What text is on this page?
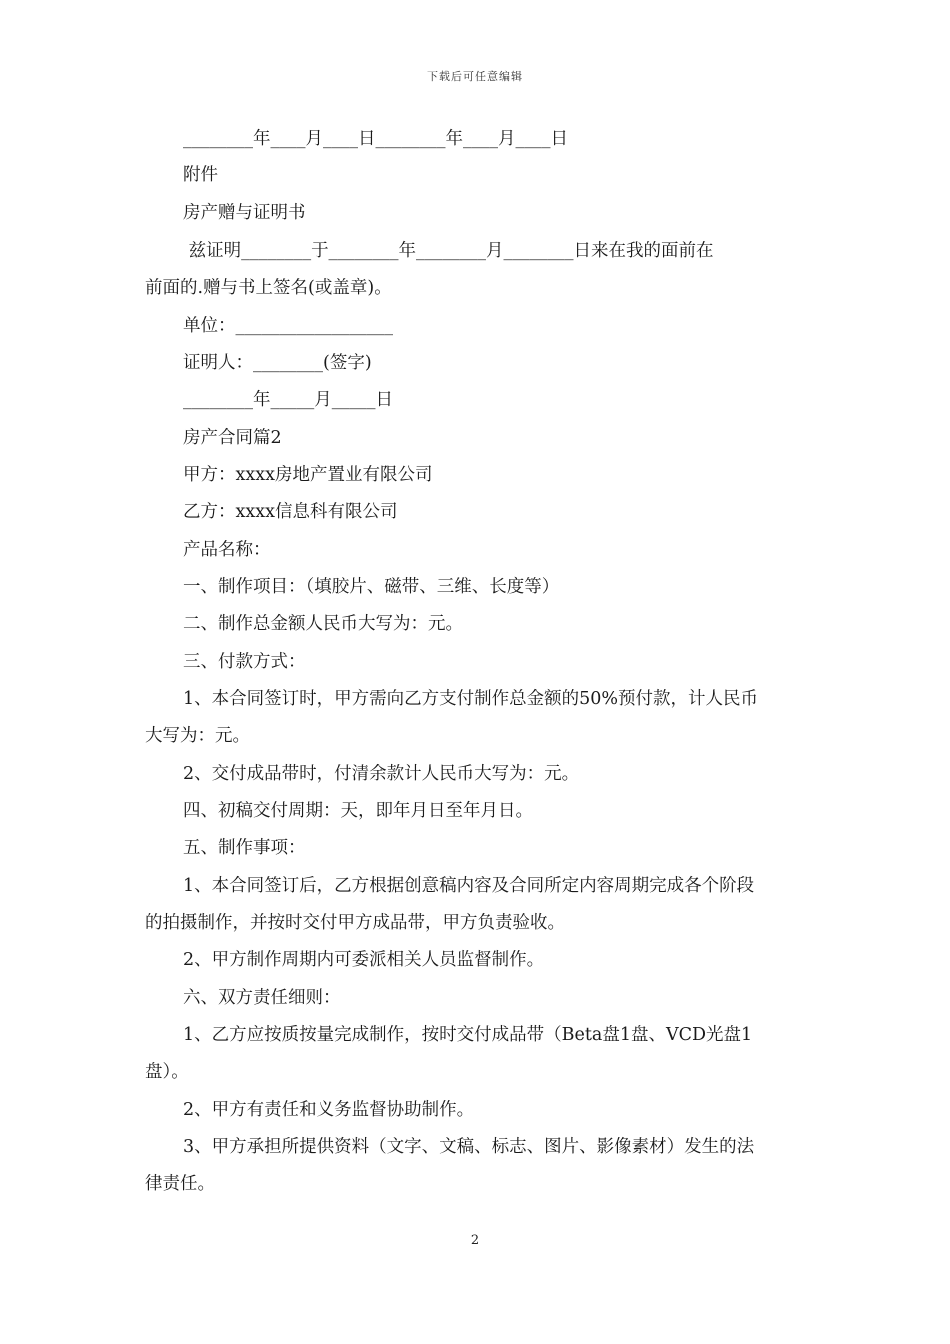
下载后可任意编辑
________年____月____日________年____月____日
附件
房产赠与证明书
兹证明________于________年________月________日来在我的面前在
前面的.赠与书上签名(或盖章)。
单位：__________________
证明人：________(签字)
________年_____月_____日
房产合同篇2
甲方：xxxx房地产置业有限公司
乙方：xxxx信息科有限公司
产品名称：
一、制作项目：（填胶片、磁带、三维、长度等）
二、制作总金额人民币大写为：元。
三、付款方式：
1、本合同签订时，甲方需向乙方支付制作总金额的50%预付款，计人民币
大写为：元。
2、交付成品带时，付清余款计人民币大写为：元。
四、初稿交付周期：天，即年月日至年月日。
五、制作事项：
1、本合同签订后，乙方根据创意稿内容及合同所定内容周期完成各个阶段
的拍摄制作，并按时交付甲方成品带，甲方负责验收。
2、甲方制作周期内可委派相关人员监督制作。
六、双方责任细则：
1、乙方应按质按量完成制作，按时交付成品带（Beta盘1盘、VCD光盘1
盘）。
2、甲方有责任和义务监督协助制作。
3、甲方承担所提供资料（文字、文稿、标志、图片、影像素材）发生的法
律责任。
2
